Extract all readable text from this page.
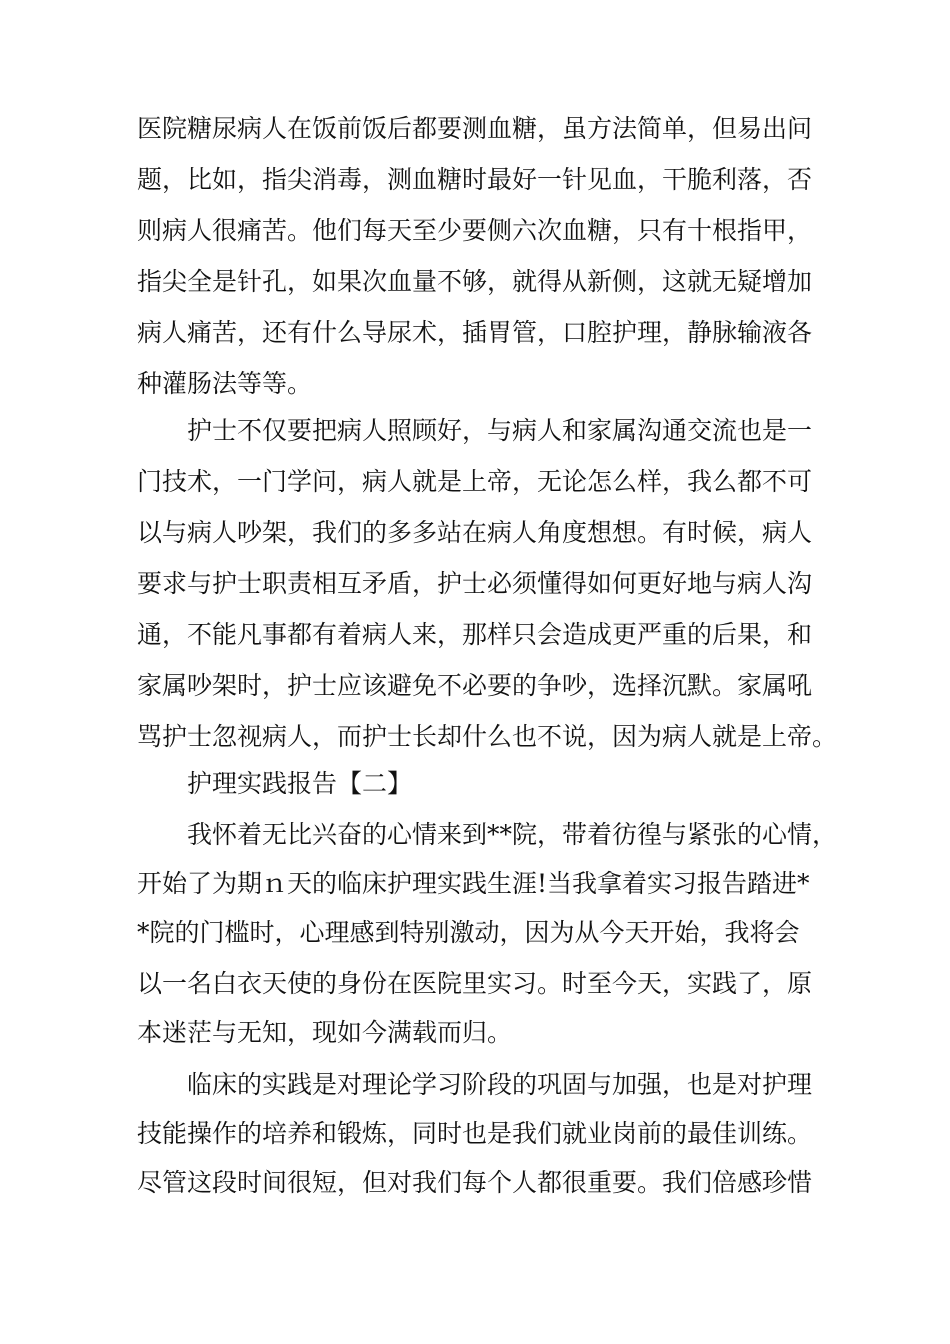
医院糖尿病人在饭前饭后都要测血糖，虽方法简单，但易出问
题，比如，指尖消毒，测血糖时最好一针见血，干脆利落，否
则病人很痛苦。他们每天至少要侧六次血糖，只有十根指甲，
指尖全是针孔，如果次血量不够，就得从新侧，这就无疑增加
病人痛苦，还有什么导尿术，插胃管，口腔护理，静脉输液各
种灌肠法等等。
护士不仅要把病人照顾好，与病人和家属沟通交流也是一
门技术，一门学问，病人就是上帝，无论怎么样，我么都不可
以与病人吵架，我们的多多站在病人角度想想。有时候，病人
要求与护士职责相互矛盾，护士必须懂得如何更好地与病人沟
通，不能凡事都有着病人来，那样只会造成更严重的后果，和
家属吵架时，护士应该避免不必要的争吵，选择沉默。家属吼
骂护士忽视病人，而护士长却什么也不说，因为病人就是上帝。
护理实践报告【二】
我怀着无比兴奋的心情来到**院，带着彷徨与紧张的心情，
开始了为期ｎ天的临床护理实践生涯!当我拿着实习报告踏进*
*院的门槛时，心理感到特别激动，因为从今天开始，我将会
以一名白衣天使的身份在医院里实习。时至今天，实践了，原
本迷茫与无知，现如今满载而归。
临床的实践是对理论学习阶段的巩固与加强，也是对护理
技能操作的培养和锻炼，同时也是我们就业岗前的最佳训练。
尽管这段时间很短，但对我们每个人都很重要。我们倍感珍惜
